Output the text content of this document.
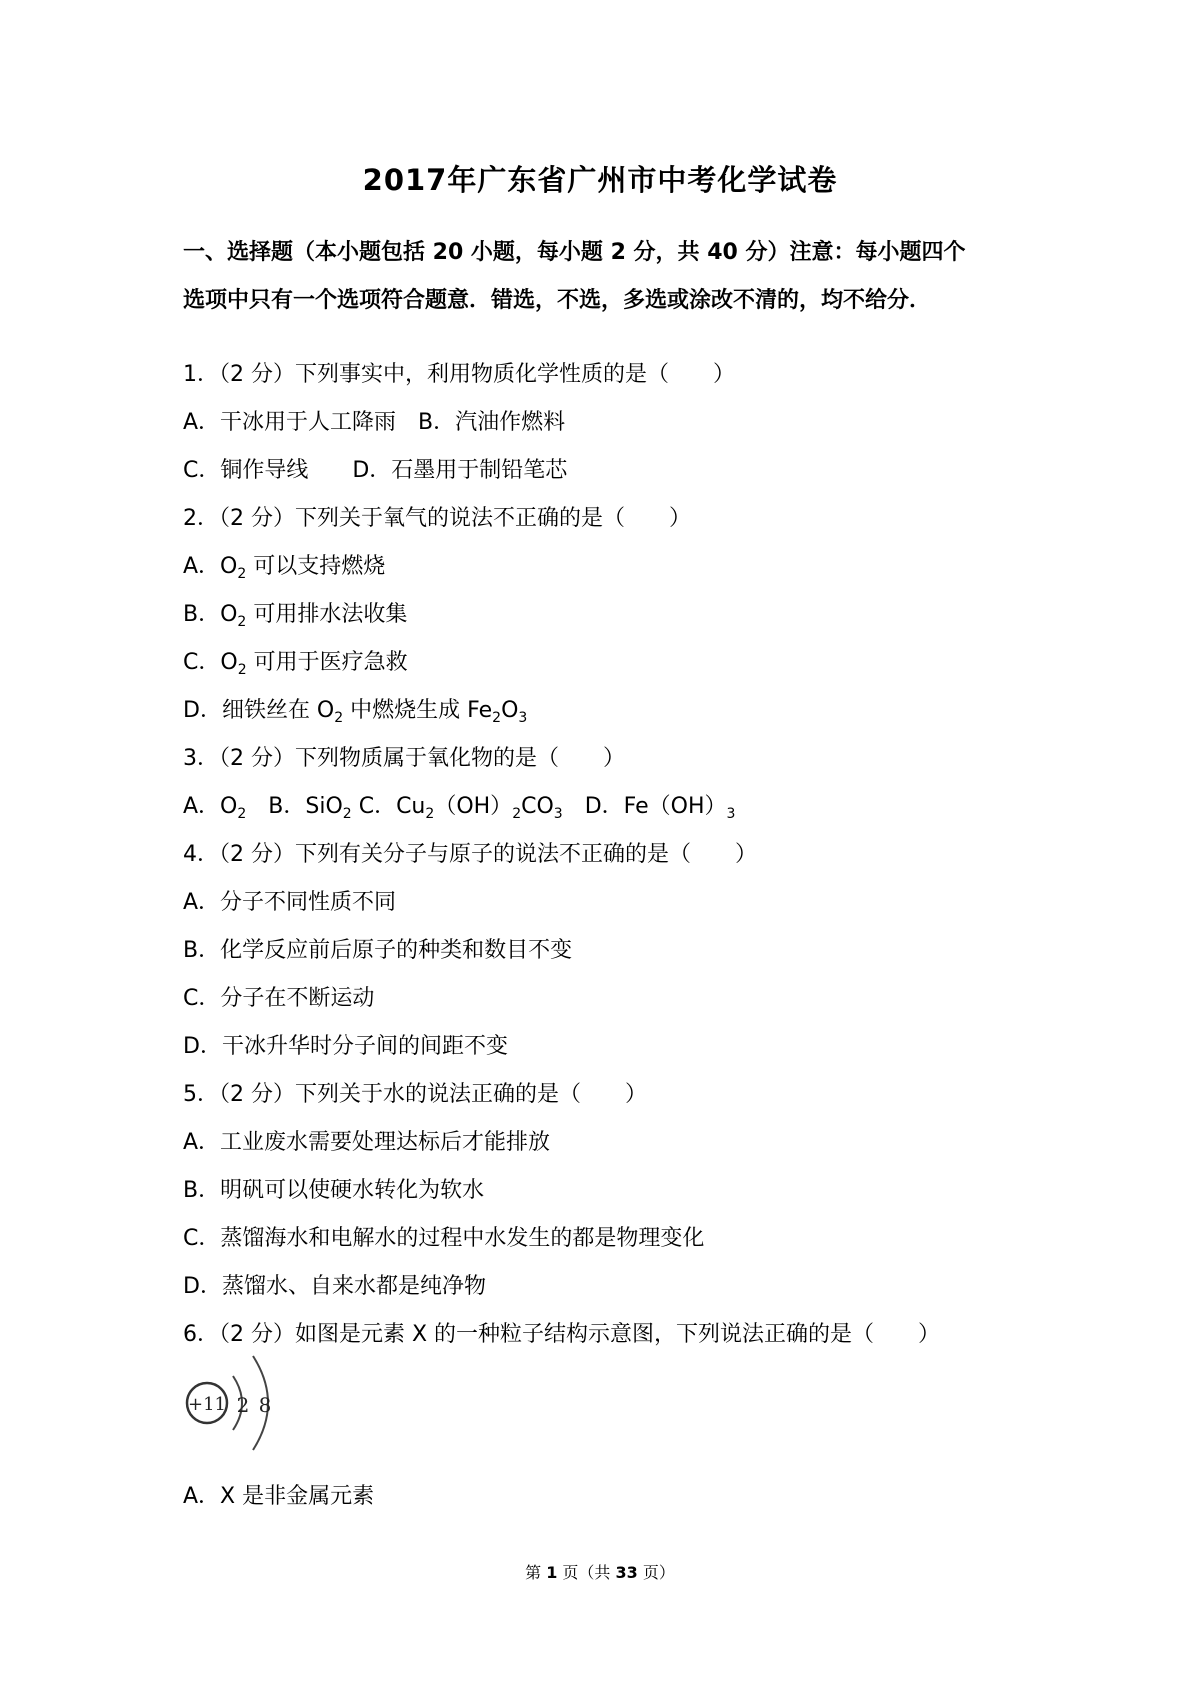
2017年广东省广州市中考化学试卷
一、选择题（本小题包括 20 小题，每小题 2 分，共 40 分）注意：每小题四个
选项中只有一个选项符合题意．错选，不选，多选或涂改不清的，均不给分．
1．（2 分）下列事实中，利用物质化学性质的是（　　）
A．干冰用于人工降雨　B．汽油作燃料
C．铜作导线　　D．石墨用于制铅笔芯
2．（2 分）下列关于氧气的说法不正确的是（　　）
A．$O_2$ 可以支持燃烧
B．$O_2$ 可用排水法收集
C．$O_2$ 可用于医疗急救
D．细铁丝在 $O_2$ 中燃烧生成 $Fe_2O_3$
3．（2 分）下列物质属于氧化物的是（　　）
A．$O_2$　B．SiO$_2$ C．$Cu_2(OH)_2CO_3$　D．$Fe(OH)_3$
4．（2 分）下列有关分子与原子的说法不正确的是（　　）
A．分子不同性质不同
B．化学反应前后原子的种类和数目不变
C．分子在不断运动
D．干冰升华时分子间的间距不变
5．（2 分）下列关于水的说法正确的是（　　）
A．工业废水需要处理达标后才能排放
B．明矾可以使硬水转化为软水
C．蒸馏海水和电解水的过程中水发生的都是物理变化
D．蒸馏水、自来水都是纯净物
6．（2 分）如图是元素 X 的一种粒子结构示意图，下列说法正确的是（　　）
+11 2 8
A．X 是非金属元素
第 1 页（共 33 页）
